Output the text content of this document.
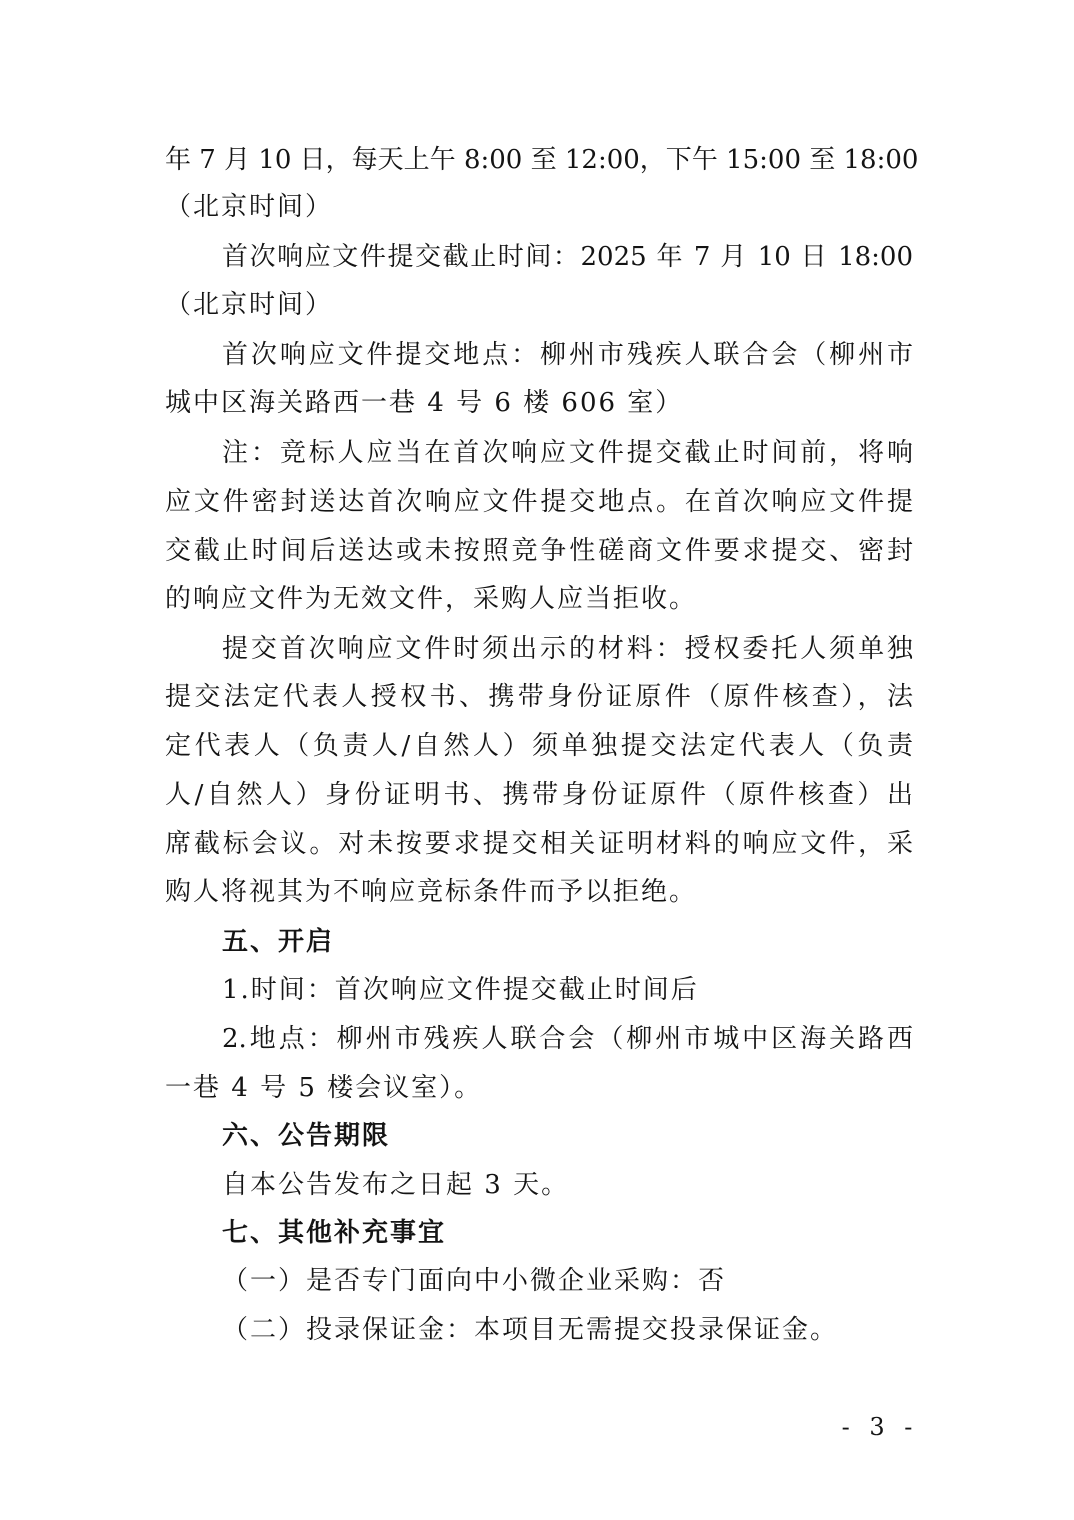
年 7 月 10 日，每天上午 8:00 至 12:00，下午 15:00 至 18:00
（北京时间）
首次响应文件提交截止时间：2025 年 7 月 10 日 18:00
（北京时间）
首次响应文件提交地点：柳州市残疾人联合会（柳州市
城中区海关路西一巷 4 号 6 楼 606 室）
注：竞标人应当在首次响应文件提交截止时间前，将响
应文件密封送达首次响应文件提交地点。在首次响应文件提
交截止时间后送达或未按照竞争性磋商文件要求提交、密封
的响应文件为无效文件，采购人应当拒收。
提交首次响应文件时须出示的材料：授权委托人须单独
提交法定代表人授权书、携带身份证原件（原件核查），法
定代表人（负责人/自然人）须单独提交法定代表人（负责
人/自然人）身份证明书、携带身份证原件（原件核查）出
席截标会议。对未按要求提交相关证明材料的响应文件，采
购人将视其为不响应竞标条件而予以拒绝。
五、开启
1.时间：首次响应文件提交截止时间后
2.地点：柳州市残疾人联合会（柳州市城中区海关路西
一巷 4 号 5 楼会议室）。
六、公告期限
自本公告发布之日起 3 天。
七、其他补充事宜
（一）是否专门面向中小微企业采购：否
（二）投录保证金：本项目无需提交投录保证金。
- 3 -
